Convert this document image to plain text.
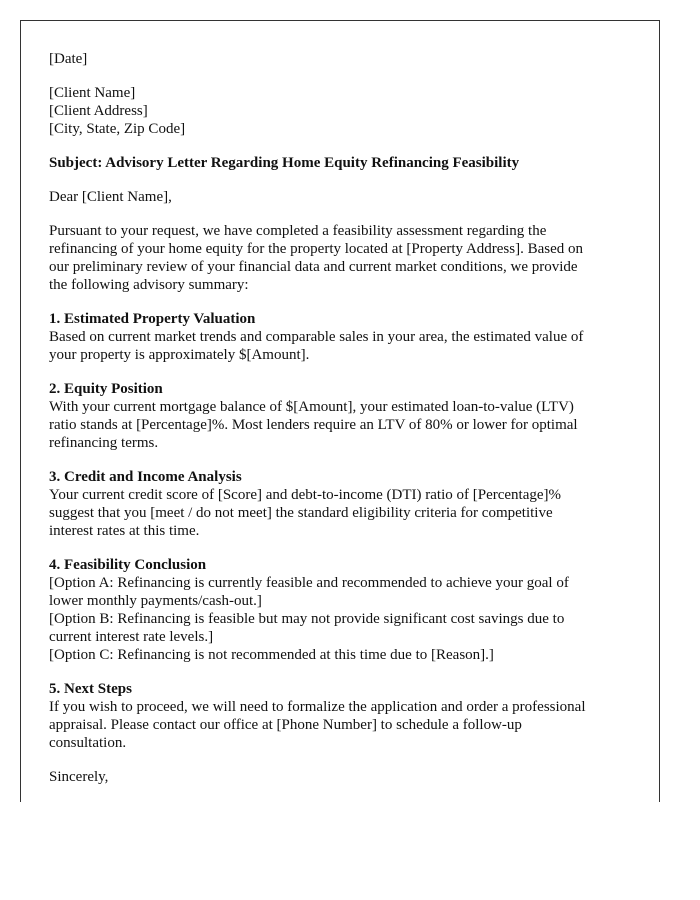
[Date]

[Client Name]
[Client Address]
[City, State, Zip Code]

Subject: Advisory Letter Regarding Home Equity Refinancing Feasibility

Dear [Client Name],

Pursuant to your request, we have completed a feasibility assessment regarding the
refinancing of your home equity for the property located at [Property Address]. Based on
our preliminary review of your financial data and current market conditions, we provide
the following advisory summary:

1. Estimated Property Valuation
Based on current market trends and comparable sales in your area, the estimated value of
your property is approximately $[Amount].

2. Equity Position
With your current mortgage balance of $[Amount], your estimated loan-to-value (LTV)
ratio stands at [Percentage]%. Most lenders require an LTV of 80% or lower for optimal
refinancing terms.

3. Credit and Income Analysis
Your current credit score of [Score] and debt-to-income (DTI) ratio of [Percentage]%
suggest that you [meet / do not meet] the standard eligibility criteria for competitive
interest rates at this time.

4. Feasibility Conclusion
[Option A: Refinancing is currently feasible and recommended to achieve your goal of
lower monthly payments/cash-out.]
[Option B: Refinancing is feasible but may not provide significant cost savings due to
current interest rate levels.]
[Option C: Refinancing is not recommended at this time due to [Reason].]

5. Next Steps
If you wish to proceed, we will need to formalize the application and order a professional
appraisal. Please contact our office at [Phone Number] to schedule a follow-up
consultation.

Sincerely,
